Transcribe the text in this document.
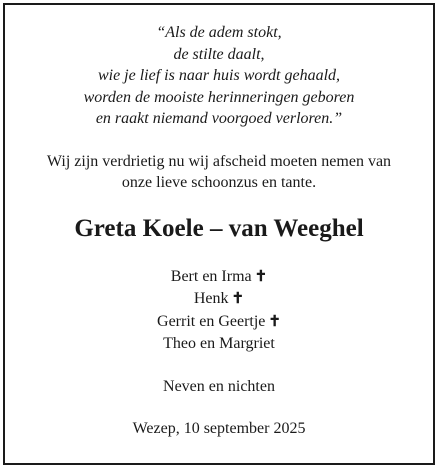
“Als de adem stokt,
de stilte daalt,
wie je lief is naar huis wordt gehaald,
worden de mooiste herinneringen geboren
en raakt niemand voorgoed verloren.”
Wij zijn verdrietig nu wij afscheid moeten nemen van
onze lieve schoonzus en tante.
Greta Koele – van Weeghel
Bert en Irma ✝
Henk ✝
Gerrit en Geertje ✝
Theo en Margriet
Neven en nichten
Wezep, 10 september 2025
